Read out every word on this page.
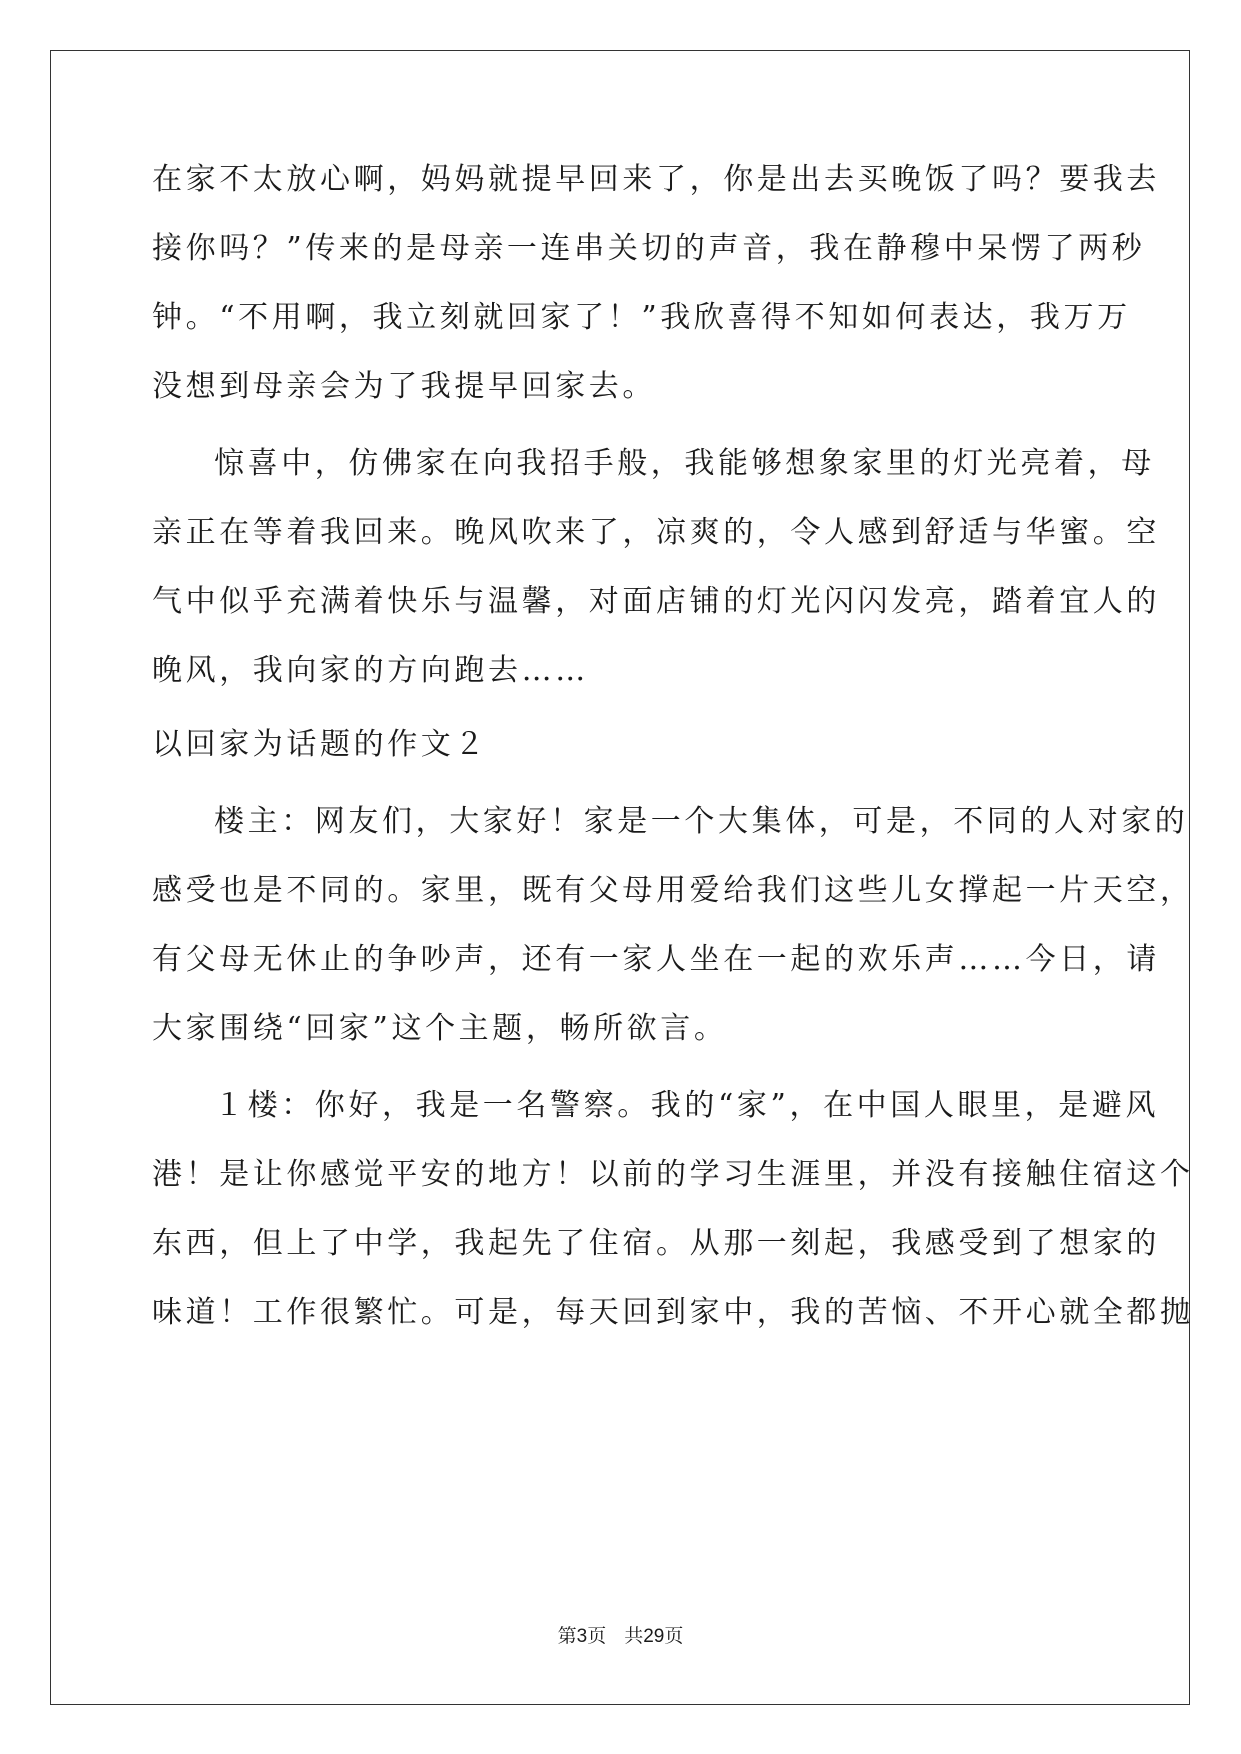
在家不太放心啊，妈妈就提早回来了，你是出去买晚饭了吗？要我去
接你吗？”传来的是母亲一连串关切的声音，我在静穆中呆愣了两秒
钟。“不用啊，我立刻就回家了！”我欣喜得不知如何表达，我万万
没想到母亲会为了我提早回家去。
惊喜中，仿佛家在向我招手般，我能够想象家里的灯光亮着，母
亲正在等着我回来。晚风吹来了，凉爽的，令人感到舒适与华蜜。空
气中似乎充满着快乐与温馨，对面店铺的灯光闪闪发亮，踏着宜人的
晚风，我向家的方向跑去……
以回家为话题的作文２
楼主：网友们，大家好！家是一个大集体，可是，不同的人对家的
感受也是不同的。家里，既有父母用爱给我们这些儿女撑起一片天空，
有父母无休止的争吵声，还有一家人坐在一起的欢乐声……今日，请
大家围绕“回家”这个主题，畅所欲言。
１楼：你好，我是一名警察。我的“家”，在中国人眼里，是避风
港！是让你感觉平安的地方！以前的学习生涯里，并没有接触住宿这个
东西，但上了中学，我起先了住宿。从那一刻起，我感受到了想家的
味道！工作很繁忙。可是，每天回到家中，我的苦恼、不开心就全都抛
第3页 共29页
